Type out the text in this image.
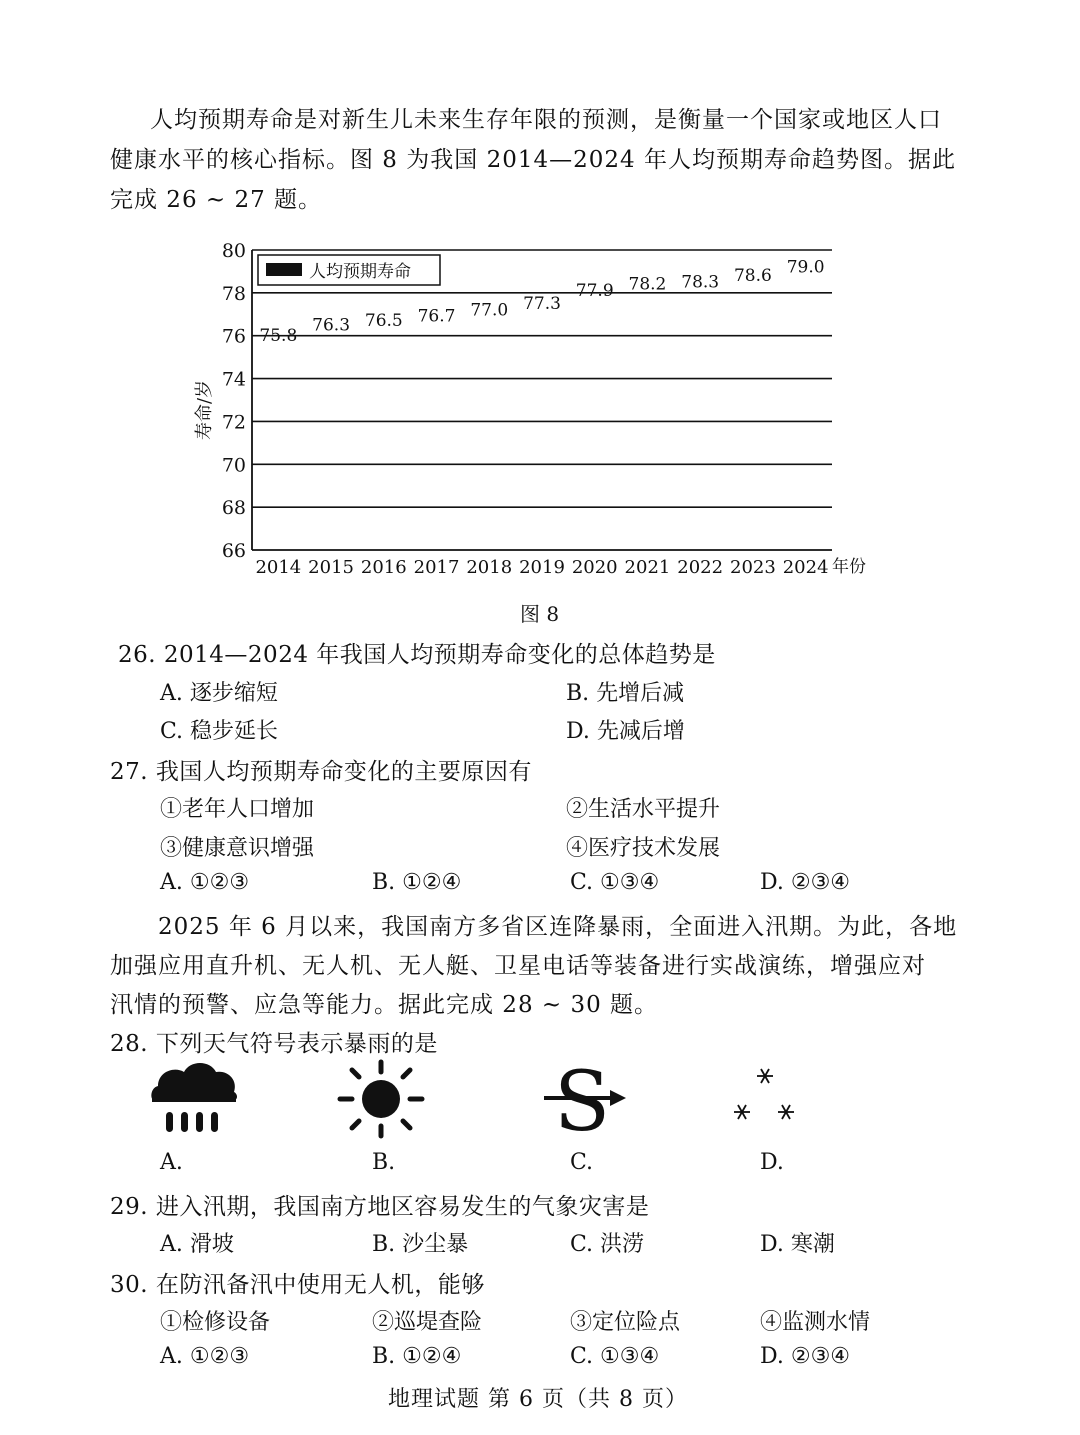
人均预期寿命是对新生儿未来生存年限的预测，是衡量一个国家或地区人口
健康水平的核心指标。图 8 为我国 2014—2024 年人均预期寿命趋势图。据此
完成 26 ~ 27 题。
66
68
70
72
74
76
78
80
2014 2015 2016 2017 2018 2019 2020 2021 2022 2023 2024
75.8
76.3 76.5 76.7 77.0 77.3
77.9 78.2 78.3 78.6 79.0
人均预期寿命
寿命/岁
年份
图 8
26. 2014—2024 年我国人均预期寿命变化的总体趋势是
A. 逐步缩短	B. 先增后减
C. 稳步延长	D. 先减后增
27. 我国人均预期寿命变化的主要原因有
①老年人口增加	②生活水平提升
③健康意识增强	④医疗技术发展
A. ①②③	B. ①②④	C. ①③④	D. ②③④
2025 年 6 月以来，我国南方多省区连降暴雨，全面进入汛期。为此，各地
加强应用直升机、无人机、无人艇、卫星电话等装备进行实战演练，增强应对
汛情的预警、应急等能力。据此完成 28 ~ 30 题。
28. 下列天气符号表示暴雨的是
S
A.	B.	C.	D.
29. 进入汛期，我国南方地区容易发生的气象灾害是
A. 滑坡	B. 沙尘暴	C. 洪涝	D. 寒潮
30. 在防汛备汛中使用无人机，能够
①检修设备	②巡堤查险	③定位险点	④监测水情
A. ①②③	B. ①②④	C. ①③④	D. ②③④
地理试题 第 6 页（共 8 页）
